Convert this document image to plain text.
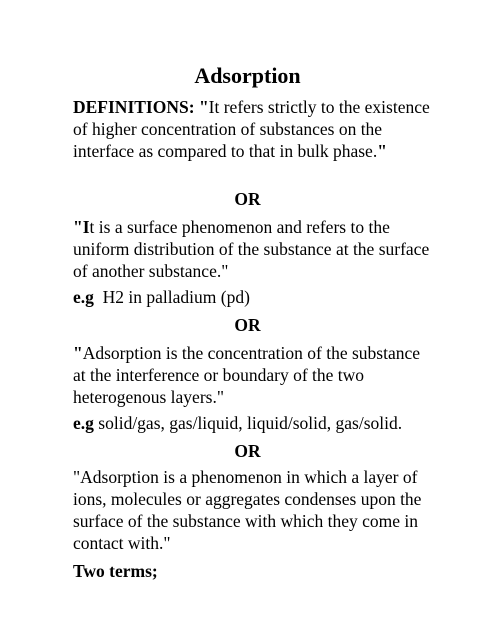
Adsorption

DEFINITIONS: "It refers strictly to the existence of higher concentration of substances on the interface as compared to that in bulk phase."

OR

"It is a surface phenomenon and refers to the uniform distribution of the substance at the surface of another substance."

e.g  H2 in palladium (pd)

OR

"Adsorption is the concentration of the substance at the interference or boundary of the two heterogenous layers."

e.g solid/gas, gas/liquid, liquid/solid, gas/solid.

OR

"Adsorption is a phenomenon in which a layer of ions, molecules or aggregates condenses upon the surface of the substance with which they come in contact with."

Two terms;
